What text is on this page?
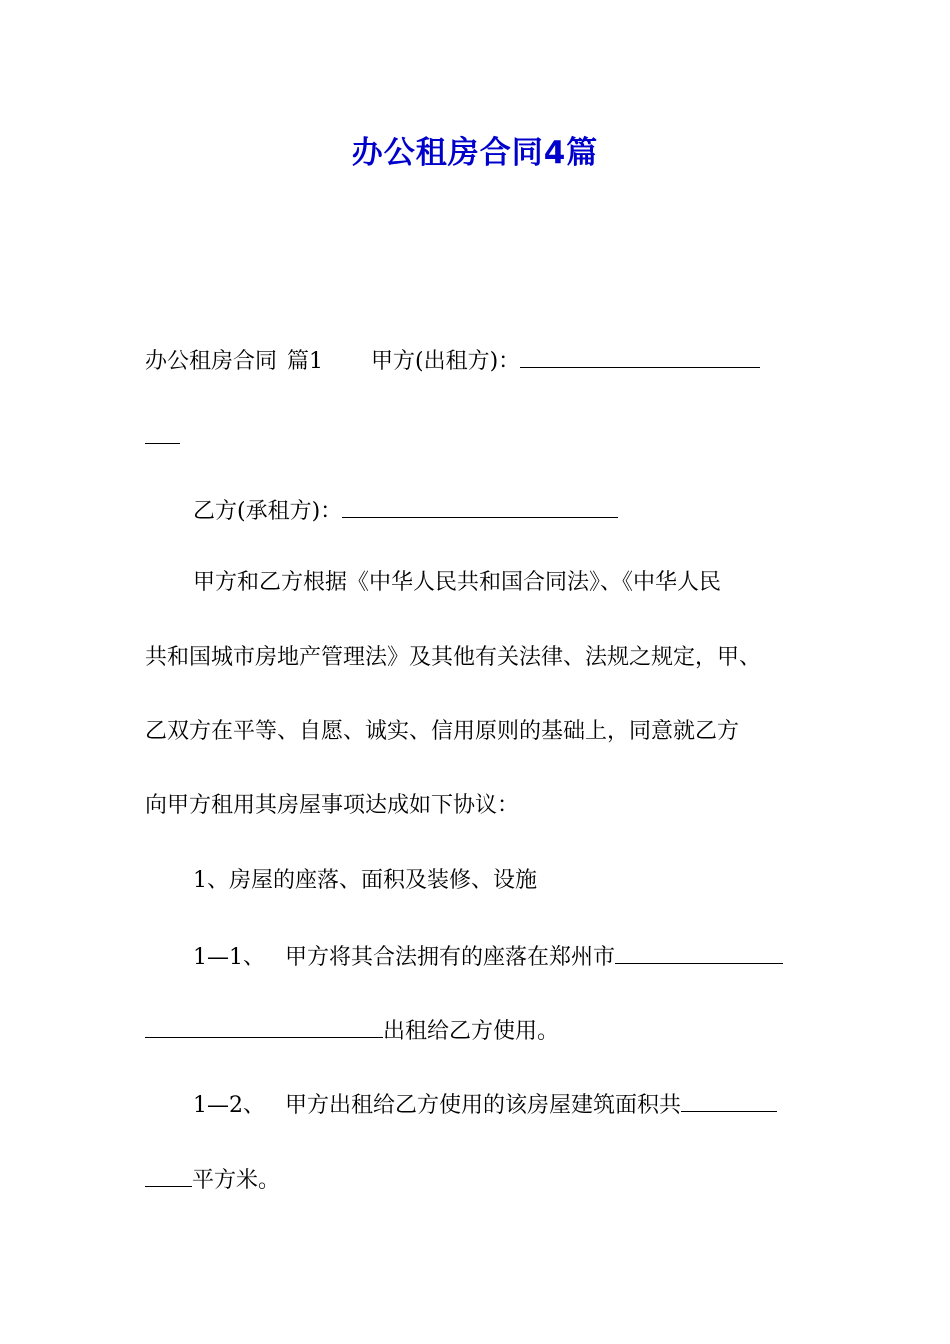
办公租房合同4篇
办公租房合同 篇1 甲方(出租方)：
乙方(承租方)：
甲方和乙方根据《中华人民共和国合同法》、《中华人民
共和国城市房地产管理法》及其他有关法律、法规之规定，甲、
乙双方在平等、自愿、诚实、信用原则的基础上，同意就乙方
向甲方租用其房屋事项达成如下协议：
1、房屋的座落、面积及装修、设施
1—1、 甲方将其合法拥有的座落在郑州市
出租给乙方使用。
1—2、 甲方出租给乙方使用的该房屋建筑面积共
平方米。
